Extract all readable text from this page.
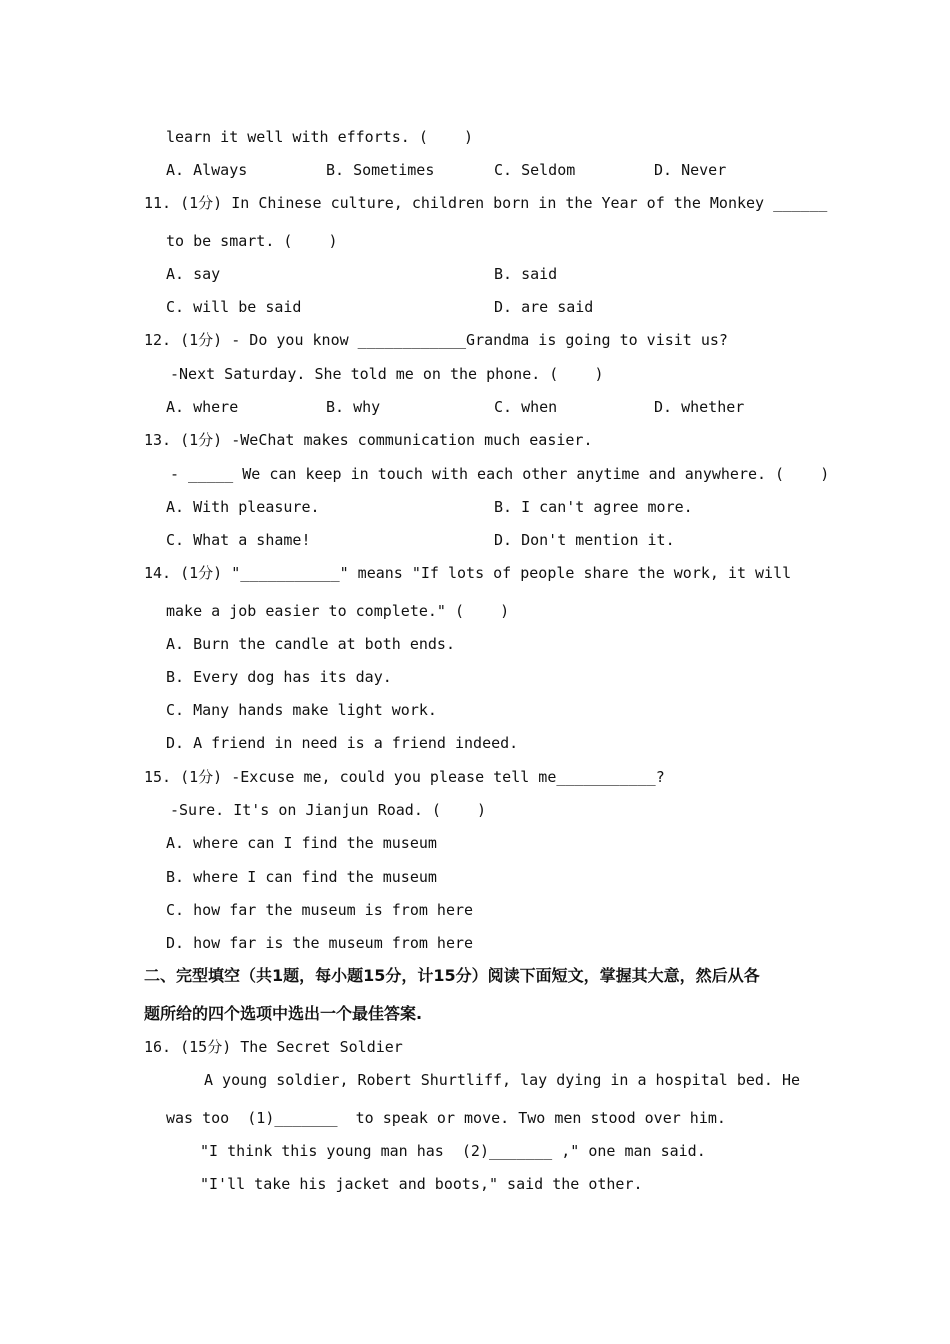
learn it well with efforts. (    )
A. Always	B. Sometimes	C. Seldom	D. Never
11. (1分) In Chinese culture, children born in the Year of the Monkey ______
to be smart. (    )
A. say	B. said
C. will be said	D. are said
12. (1分) - Do you know ____________Grandma is going to visit us?
-Next Saturday. She told me on the phone. (    )
A. where	B. why	C. when	D. whether
13. (1分) -WeChat makes communication much easier.
- _____ We can keep in touch with each other anytime and anywhere. (    )
A. With pleasure.	B. I can't agree more.
C. What a shame!	D. Don't mention it.
14. (1分) "___________" means "If lots of people share the work, it will
make a job easier to complete." (    )
A. Burn the candle at both ends.
B. Every dog has its day.
C. Many hands make light work.
D. A friend in need is a friend indeed.
15. (1分) -Excuse me, could you please tell me___________?
-Sure. It's on Jianjun Road. (    )
A. where can I find the museum
B. where I can find the museum
C. how far the museum is from here
D. how far is the museum from here
二、完型填空（共1题，每小题15分，计15分）阅读下面短文，掌握其大意，然后从各
题所给的四个选项中选出一个最佳答案.
16. (15分) The Secret Soldier
A young soldier, Robert Shurtliff, lay dying in a hospital bed. He
was too  (1)_______  to speak or move. Two men stood over him.
"I think this young man has  (2)_______ ," one man said.
"I'll take his jacket and boots," said the other.
